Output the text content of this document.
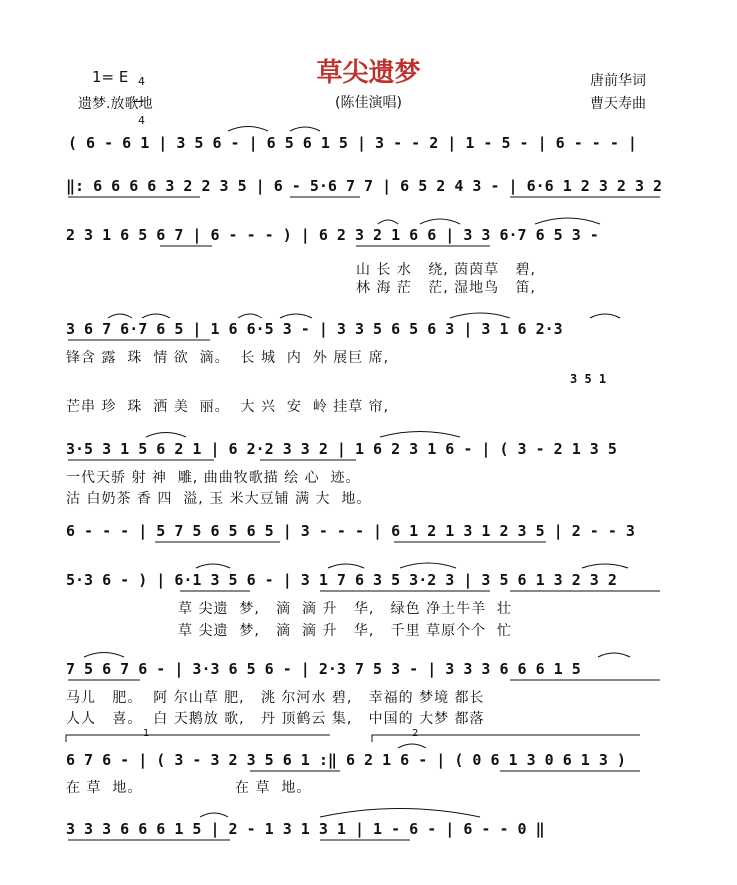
草尖遗梦
(陈佳演唱)
1= E 4

4

遗梦.放歌地
唐前华词
曹天寿曲
( 6 - 6 1 | 3 5 6 - | 6 5 6 1 5 | 3 - - 2 | 1 - 5 - | 6 - - - |
‖: 6 6 6 6 3 2 2 3 5 | 6 - 5·6 7 7 | 6 5 2 4 3 - | 6·6 1 2 3 2 3 2
2 3 1 6 5 6 7 | 6 - - - ) | 6 2 3 2 1 6 6 | 3 3 6·7 6 5 3 -
山 长 水   绕, 茵茵草   碧,
林 海 茫   茫, 湿地鸟   笛,
3 6 7 6·7 6 5 | 1 6 6·5 3 - | 3 3 5 6 5 6 3 | 3 1 6 2·3
锋含 露  珠  情 欲  滴。  长 城  内  外 展巨 席,
3 5 1
芒串 珍  珠  洒 美  丽。  大 兴  安  岭 挂草 帘,
3·5 3 1 5 6 2 1 | 6 2·2 3 3 2 | 1 6 2 3 1 6 - | ( 3 - 2 1 3 5
一代天骄 射 神  雕, 曲曲牧歌描 绘 心  迹。
沽 白奶茶 香 四  溢, 玉 米大豆铺 满 大  地。
6 - - - | 5 7 5 6 5 6 5 | 3 - - - | 6 1 2 1 3 1 2 3 5 | 2 - - 3
5·3 6 - ) | 6·1 3 5 6 - | 3 1 7 6 3 5 3·2 3 | 3 5 6 1 3 2 3 2
草 尖遗  梦,   滴  滴 升   华,   绿色 净土牛羊  壮
草 尖遗  梦,   滴  滴 升   华,   千里 草原个个  忙
7 5 6 7 6 - | 3·3 6 5 6 - | 2·3 7 5 3 - | 3 3 3 6 6 6 1 5
马儿   肥。  阿 尔山草 肥,   洮 尔河水 碧,   幸福的 梦境 都长
人人   喜。  白 天鹅放 歌,   丹 顶鹤云 集,   中国的 大梦 都落
1	2
6 7 6 - | ( 3 - 3 2 3 5 6 1 :‖ 6 2 1 6 - | ( 0 6 1 3 0 6 1 3 )
在 草  地。                 在 草  地。
3 3 3 6 6 6 1 5 | 2 - 1 3 1 3 1 | 1 - 6 - | 6 - - 0 ‖
